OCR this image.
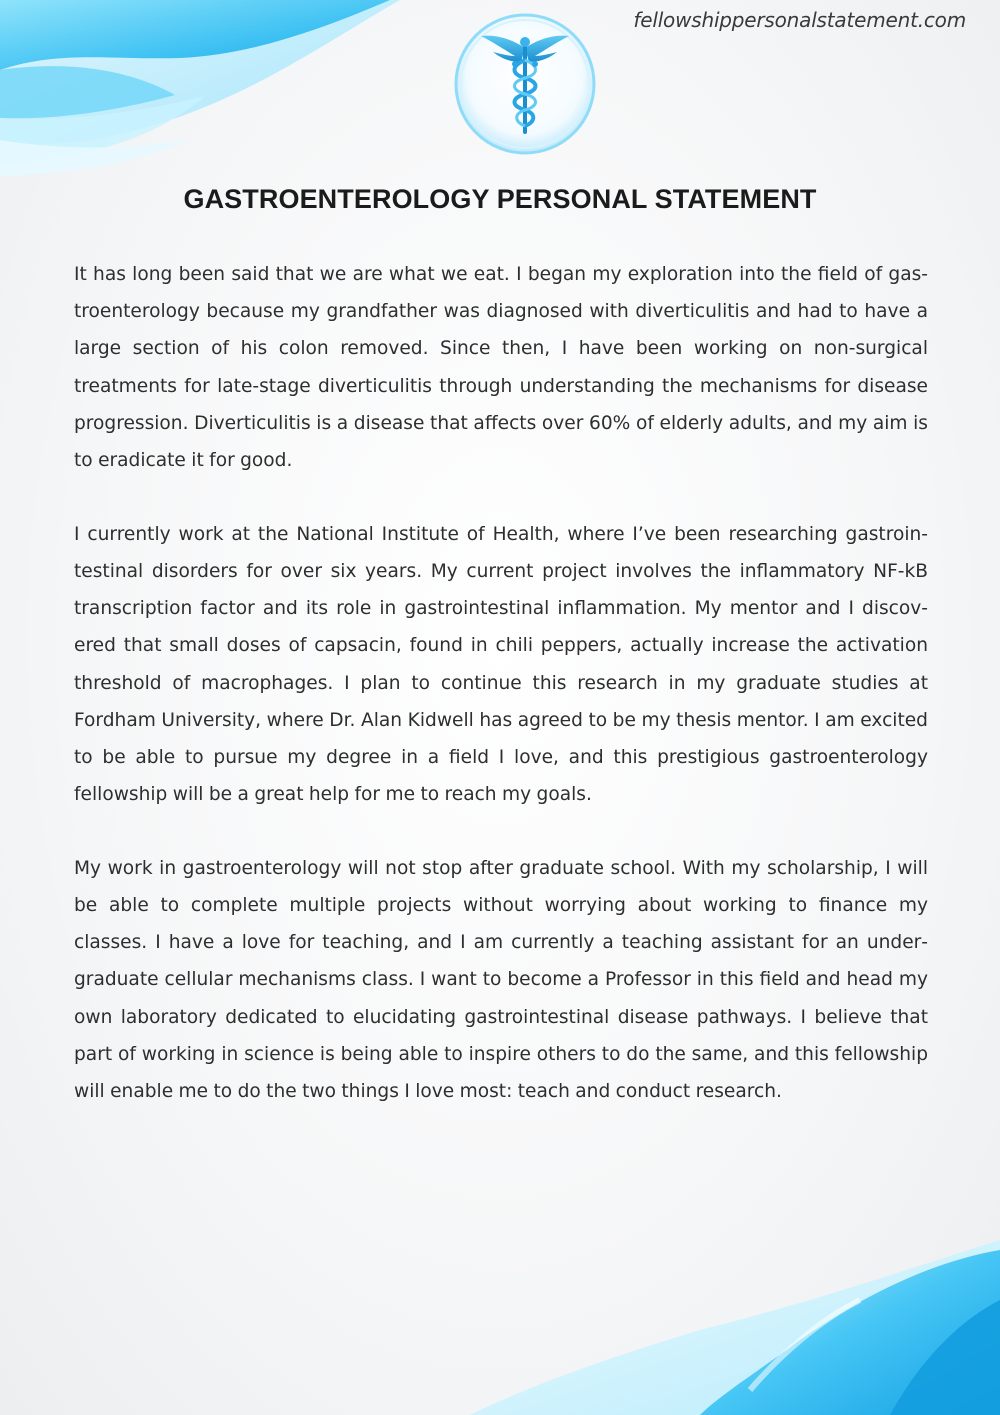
fellowshippersonalstatement.com
GASTROENTEROLOGY PERSONAL STATEMENT

It has long been said that we are what we eat. I began my exploration into the field of gastroenterology because my grandfather was diagnosed with diverticulitis and had to have a large section of his colon removed. Since then, I have been working on non-surgical treatments for late-stage diverticulitis through understanding the mechanisms for disease progression. Diverticulitis is a disease that affects over 60% of elderly adults, and my aim is to eradicate it for good.

I currently work at the National Institute of Health, where I’ve been researching gastrointestinal disorders for over six years. My current project involves the inflammatory NF-kB transcription factor and its role in gastrointestinal inflammation. My mentor and I discovered that small doses of capsacin, found in chili peppers, actually increase the activation threshold of macrophages. I plan to continue this research in my graduate studies at Fordham University, where Dr. Alan Kidwell has agreed to be my thesis mentor. I am excited to be able to pursue my degree in a field I love, and this prestigious gastroenterology fellowship will be a great help for me to reach my goals.

My work in gastroenterology will not stop after graduate school. With my scholarship, I will be able to complete multiple projects without worrying about working to finance my classes. I have a love for teaching, and I am currently a teaching assistant for an undergraduate cellular mechanisms class. I want to become a Professor in this field and head my own laboratory dedicated to elucidating gastrointestinal disease pathways. I believe that part of working in science is being able to inspire others to do the same, and this fellowship will enable me to do the two things I love most: teach and conduct research.
